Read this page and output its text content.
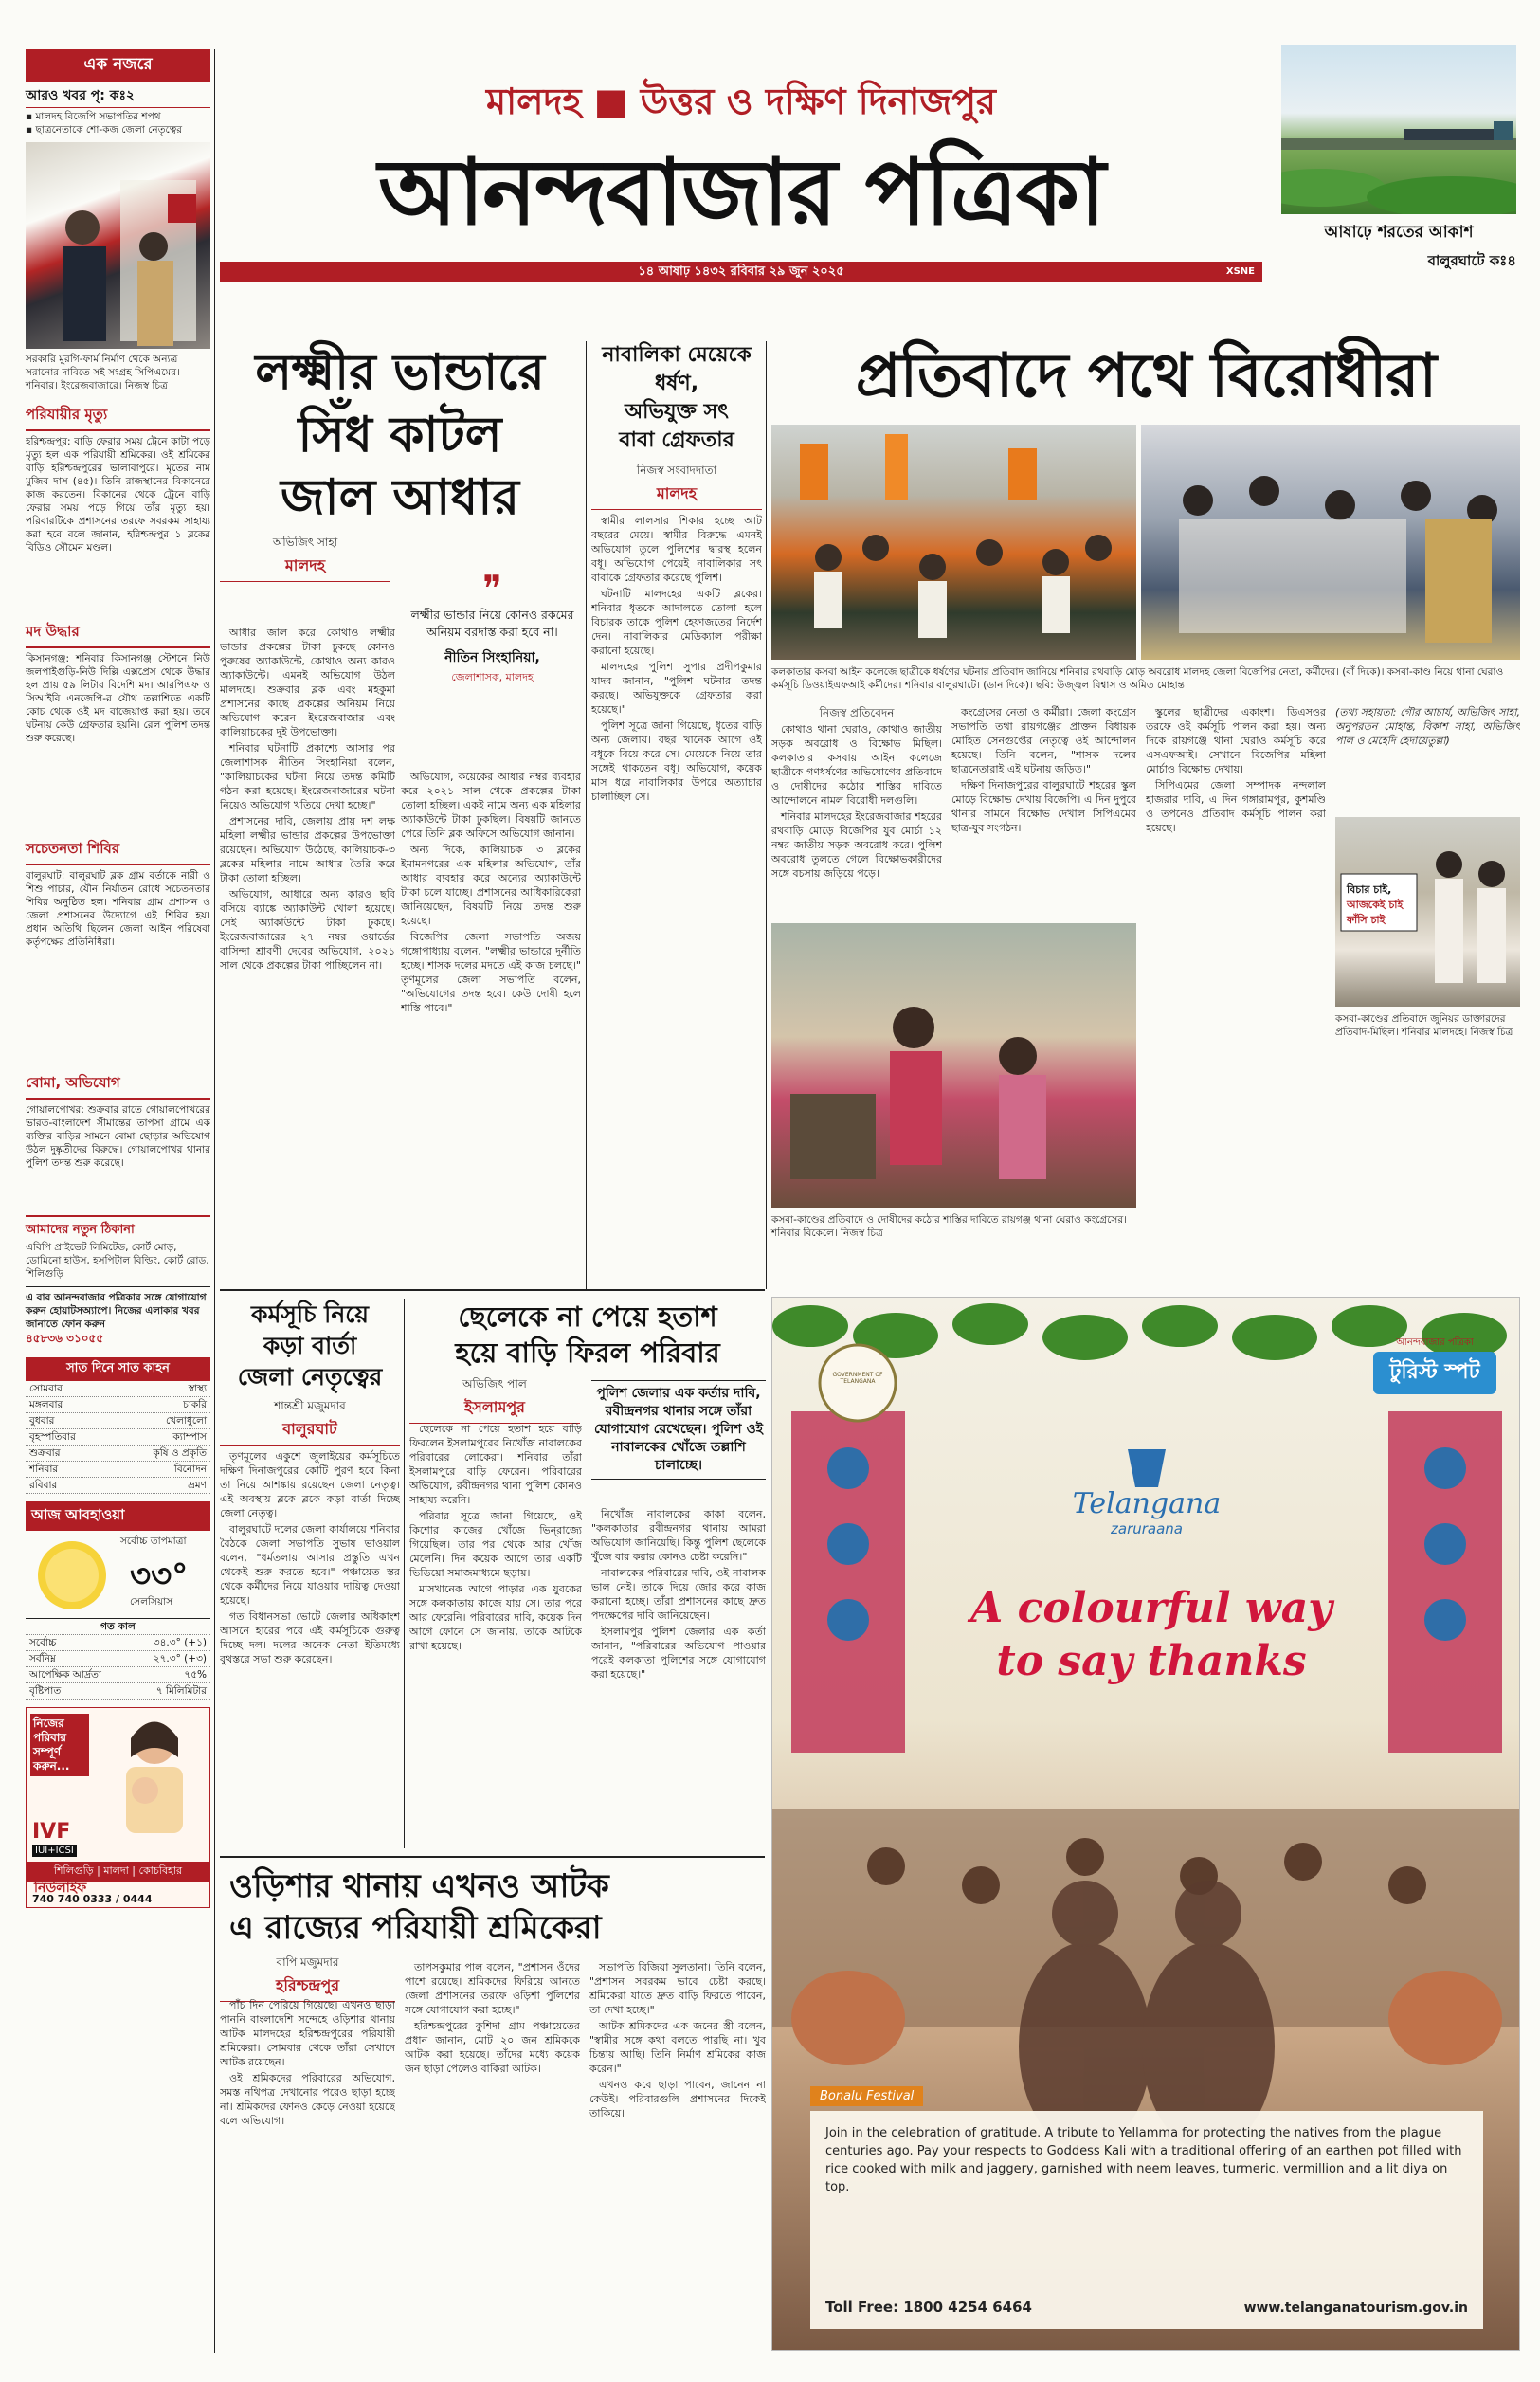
এক নজরে
আরও খবর পৃ: কঃ২
▪ মালদহ বিজেপি সভাপতির শপথ
▪ ছাত্রনেতাকে শো-কজ জেলা নেতৃত্বের
সরকারি মুরগি-ফার্ম নির্মাণ থেকে অন্যত্র সরানোর দাবিতে সই সংগ্রহ সিপিএমের। শনিবার। ইংরেজবাজারে। নিজস্ব চিত্র
পরিযায়ীর মৃত্যু
হরিশ্চন্দ্রপুর: বাড়ি ফেরার সময় ট্রেনে কাটা পড়ে মৃত্যু হল এক পরিযায়ী শ্রমিকের। ওই শ্রমিকের বাড়ি হরিশ্চন্দ্রপুরের ভালাবাপুরে। মৃতের নাম মুজিব দাস (৪৫)। তিনি রাজস্থানের বিকানেরে কাজ করতেন। বিকানের থেকে ট্রেনে বাড়ি ফেরার সময় পড়ে গিয়ে তাঁর মৃত্যু হয়। পরিবারটিকে প্রশাসনের তরফে সবরকম সাহায্য করা হবে বলে জানান, হরিশ্চন্দ্রপুর ১ ব্লকের বিডিও সৌমেন মণ্ডল।
মদ উদ্ধার
কিসানগঞ্জ: শনিবার কিসানগঞ্জ স্টেশনে নিউ জলপাইগুড়ি-নিউ দিল্লি এক্সপ্রেস থেকে উদ্ধার হল প্রায় ৫৯ লিটার বিদেশি মদ। আরপিএফ ও সিআইবি এনজেপি-র যৌথ তল্লাশিতে একটি কোচ থেকে ওই মদ বাজেয়াপ্ত করা হয়। তবে ঘটনায় কেউ গ্রেফতার হয়নি। রেল পুলিশ তদন্ত শুরু করেছে।
সচেতনতা শিবির
বালুরঘাট: বালুরঘাট ব্লক গ্রাম বর্তাকে নারী ও শিশু পাচার, যৌন নির্যাতন রোধে সচেতনতার শিবির অনুষ্ঠিত হল। শনিবার গ্রাম প্রশাসন ও জেলা প্রশাসনের উদ্যোগে এই শিবির হয়। প্রধান অতিথি ছিলেন জেলা আইন পরিষেবা কর্তৃপক্ষের প্রতিনিধিরা।
বোমা, অভিযোগ
গোয়ালপোখর: শুক্রবার রাতে গোয়ালপোখরের ভারত-বাংলাদেশ সীমান্তের তাপসা গ্রামে এক ব্যক্তির বাড়ির সামনে বোমা ছোড়ার অভিযোগ উঠল দুষ্কৃতীদের বিরুদ্ধে। গোয়ালপোখর থানার পুলিশ তদন্ত শুরু করেছে।
আমাদের নতুন ঠিকানা
এবিপি প্রাইভেট লিমিটেড, কোর্ট মোড়, ডোমিনো হাউস, হসপিটাল বিল্ডিং, কোর্ট রোড, শিলিগুড়ি
এ বার আনন্দবাজার পত্রিকার সঙ্গে যোগাযোগ করুন হোয়াটসঅ্যাপে। নিজের এলাকার খবর জানাতে ফোন করুন
৪৫৮৩৬ ৩১০৫৫
সাত দিনে সাত কাহন
সোমবার	স্বাস্থ্য
মঙ্গলবার	চাকরি
বুধবার	খেলাধুলো
বৃহস্পতিবার	ক্যাম্পাস
শুক্রবার	কৃষি ও প্রকৃতি
শনিবার	বিনোদন
রবিবার	ভ্রমণ
আজ আবহাওয়া
সর্বোচ্চ তাপমাত্রা
৩৩°
সেলসিয়াস
গত কাল
সর্বোচ্চ	৩৪.৩° (+১)
সর্বনিম্ন	২৭.৩° (+৩)
আপেক্ষিক আর্দ্রতা	৭৫%
বৃষ্টিপাত	৭ মিলিমিটার
নিজের পরিবার সম্পূর্ণ করুন...
IVF
IUI+ICSI
শিলিগুড়ি | মালদা | কোচবিহার
নিউলাইফ
740 740 0333 / 0444
মালদহ ■ উত্তর ও দক্ষিণ দিনাজপুর
আনন্দবাজার পত্রিকা
১৪ আষাঢ় ১৪৩২ রবিবার ২৯ জুন ২০২৫	XSNE
আষাঢ়ে শরতের আকাশ
বালুরঘাটে কঃ৪
লক্ষ্মীর ভান্ডারে
সিঁধ কাটল
জাল আধার
অভিজিৎ সাহা
মালদহ
❞
লক্ষ্মীর ভান্ডার নিয়ে কোনও রকমের অনিয়ম বরদাস্ত করা হবে না।
নীতিন সিংহানিয়া,
জেলাশাসক, মালদহ

আধার জাল করে কোথাও লক্ষ্মীর ভান্ডার প্রকল্পের টাকা চুকছে কোনও পুরুষের অ্যাকাউন্টে, কোথাও অন্য কারও অ্যাকাউন্টে। এমনই অভিযোগ উঠল মালদহে। শুক্রবার ব্লক এবং মহকুমা প্রশাসনের কাছে প্রকল্পের অনিয়ম নিয়ে অভিযোগ করেন ইংরেজবাজার এবং কালিয়াচকের দুই উপভোক্তা।

শনিবার ঘটনাটি প্রকাশ্যে আসার পর জেলাশাসক নীতিন সিংহানিয়া বলেন, "কালিয়াচকের ঘটনা নিয়ে তদন্ত কমিটি গঠন করা হয়েছে। ইংরেজবাজারের ঘটনা নিয়েও অভিযোগ খতিয়ে দেখা হচ্ছে।"

প্রশাসনের দাবি, জেলায় প্রায় দশ লক্ষ মহিলা লক্ষ্মীর ভান্ডার প্রকল্পের উপভোক্তা রয়েছেন। অভিযোগ উঠেছে, কালিয়াচক-৩ ব্লকের মহিলার নামে আধার তৈরি করে টাকা তোলা হচ্ছিল।

অভিযোগ, আধারে অন্য কারও ছবি বসিয়ে ব্যাঙ্কে অ্যাকাউন্ট খোলা হয়েছে। সেই অ্যাকাউন্টে টাকা ঢুকছে। ইংরেজবাজারের ২৭ নম্বর ওয়ার্ডের বাসিন্দা শ্রাবণী দেবের অভিযোগ, ২০২১ সাল থেকে প্রকল্পের টাকা পাচ্ছিলেন না।

অভিযোগ, কয়েকের আধার নম্বর ব্যবহার করে ২০২১ সাল থেকে প্রকল্পের টাকা তোলা হচ্ছিল। একই নামে অন্য এক মহিলার অ্যাকাউন্টে টাকা ঢুকছিল। বিষয়টি জানতে পেরে তিনি ব্লক অফিসে অভিযোগ জানান।

অন্য দিকে, কালিয়াচক ৩ ব্লকের ইমামনগরের এক মহিলার অভিযোগ, তাঁর আধার ব্যবহার করে অন্যের অ্যাকাউন্টে টাকা চলে যাচ্ছে। প্রশাসনের আধিকারিকেরা জানিয়েছেন, বিষয়টি নিয়ে তদন্ত শুরু হয়েছে।

বিজেপির জেলা সভাপতি অজয় গঙ্গোপাধ্যায় বলেন, "লক্ষ্মীর ভান্ডারে দুর্নীতি হচ্ছে। শাসক দলের মদতে এই কাজ চলছে।" তৃণমূলের জেলা সভাপতি বলেন, "অভিযোগের তদন্ত হবে। কেউ দোষী হলে শাস্তি পাবে।"

নাবালিকা মেয়েকে ধর্ষণ,
অভিযুক্ত সৎ
বাবা গ্রেফতার
নিজস্ব সংবাদদাতা
মালদহ

স্বামীর লালসার শিকার হচ্ছে আট বছরের মেয়ে। স্বামীর বিরুদ্ধে এমনই অভিযোগ তুলে পুলিশের দ্বারস্থ হলেন বধূ। অভিযোগ পেয়েই নাবালিকার সৎ বাবাকে গ্রেফতার করেছে পুলিশ।

ঘটনাটি মালদহের একটি ব্লকের। শনিবার ধৃতকে আদালতে তোলা হলে বিচারক তাকে পুলিশ হেফাজতের নির্দেশ দেন। নাবালিকার মেডিক্যাল পরীক্ষা করানো হয়েছে।

মালদহের পুলিশ সুপার প্রদীপকুমার যাদব জানান, "পুলিশ ঘটনার তদন্ত করছে। অভিযুক্তকে গ্রেফতার করা হয়েছে।"

পুলিশ সূত্রে জানা গিয়েছে, ধৃতের বাড়ি অন্য জেলায়। বছর খানেক আগে ওই বধূকে বিয়ে করে সে। মেয়েকে নিয়ে তার সঙ্গেই থাকতেন বধূ। অভিযোগ, কয়েক মাস ধরে নাবালিকার উপরে অত্যাচার চালাচ্ছিল সে।

প্রতিবাদে পথে বিরোধীরা
কলকাতার কসবা আইন কলেজে ছাত্রীকে ধর্ষণের ঘটনার প্রতিবাদ জানিয়ে শনিবার রথবাড়ি মোড় অবরোধ মালদহ জেলা বিজেপির নেতা, কর্মীদের। (বাঁ দিকে)। কসবা-কাণ্ড নিয়ে থানা ঘেরাও কর্মসূচি ডিওয়াইএফআই কর্মীদের। শনিবার বালুরঘাটে। (ডান দিকে)। ছবি: উজ্জ্বল বিশ্বাস ও অমিত মোহান্ত
নিজস্ব প্রতিবেদন

কোথাও থানা ঘেরাও, কোথাও জাতীয় সড়ক অবরোধ ও বিক্ষোভ মিছিল। কলকাতার কসবায় আইন কলেজে ছাত্রীকে গণধর্ষণের অভিযোগের প্রতিবাদে ও দোষীদের কঠোর শাস্তির দাবিতে আন্দোলনে নামল বিরোধী দলগুলি।

শনিবার মালদহের ইংরেজবাজার শহরের রথবাড়ি মোড়ে বিজেপির যুব মোর্চা ১২ নম্বর জাতীয় সড়ক অবরোধ করে। পুলিশ অবরোধ তুলতে গেলে বিক্ষোভকারীদের সঙ্গে বচসায় জড়িয়ে পড়ে।

কংগ্রেসের নেতা ও কর্মীরা। জেলা কংগ্রেস সভাপতি তথা রায়গঞ্জের প্রাক্তন বিধায়ক মোহিত সেনগুপ্তের নেতৃত্বে ওই আন্দোলন হয়েছে। তিনি বলেন, "শাসক দলের ছাত্রনেতারাই এই ঘটনায় জড়িত।"

দক্ষিণ দিনাজপুরের বালুরঘাটে শহরের স্কুল মোড়ে বিক্ষোভ দেখায় বিজেপি। এ দিন দুপুরে থানার সামনে বিক্ষোভ দেখাল সিপিএমের ছাত্র-যুব সংগঠন।

স্কুলের ছাত্রীদের একাংশ। ডিএসওর তরফে ওই কর্মসূচি পালন করা হয়। অন্য দিকে রায়গঞ্জে থানা ঘেরাও কর্মসূচি করে এসএফআই। সেখানে বিজেপির মহিলা মোর্চাও বিক্ষোভ দেখায়।

সিপিএমের জেলা সম্পাদক নন্দলাল হাজরার দাবি, এ দিন গঙ্গারামপুর, কুশমণ্ডি ও তপনেও প্রতিবাদ কর্মসূচি পালন করা হয়েছে।

(তথ্য সহায়তা: গৌর আচার্য, অভিজিৎ সাহা, অনুপরতন মোহান্ত, বিকাশ সাহা, অভিজিৎ পাল ও মেহেদি হেদায়েতুল্লা)
কসবা-কাণ্ডের প্রতিবাদে ও দোষীদের কঠোর শাস্তির দাবিতে রায়গঞ্জ থানা ঘেরাও কংগ্রেসের। শনিবার বিকেলে। নিজস্ব চিত্র
বিচার চাই,
আজকেই চাই
ফাঁসি চাই
কসবা-কাণ্ডের প্রতিবাদে জুনিয়র ডাক্তারদের প্রতিবাদ-মিছিল। শনিবার মালদহে। নিজস্ব চিত্র
কর্মসূচি নিয়ে
কড়া বার্তা
জেলা নেতৃত্বের
শান্তশ্রী মজুমদার
বালুরঘাট

তৃণমূলের একুশে জুলাইয়ের কর্মসূচিতে দক্ষিণ দিনাজপুরের কোটি পুরণ হবে কিনা তা নিয়ে আশঙ্কায় রয়েছেন জেলা নেতৃত্ব। এই অবস্থায় ব্লকে ব্লকে কড়া বার্তা দিচ্ছে জেলা নেতৃত্ব।

বালুরঘাটে দলের জেলা কার্যালয়ে শনিবার বৈঠকে জেলা সভাপতি সুভাষ ভাওয়াল বলেন, "ধর্মতলায় আসার প্রস্তুতি এখন থেকেই শুরু করতে হবে।" পঞ্চায়েত স্তর থেকে কর্মীদের নিয়ে যাওয়ার দায়িত্ব দেওয়া হয়েছে।

গত বিধানসভা ভোটে জেলার অধিকাংশ আসনে হারের পরে এই কর্মসূচিকে গুরুত্ব দিচ্ছে দল। দলের অনেক নেতা ইতিমধ্যে বুথস্তরে সভা শুরু করেছেন।

ছেলেকে না পেয়ে হতাশ
হয়ে বাড়ি ফিরল পরিবার
অভিজিৎ পাল
ইসলামপুর
পুলিশ জেলার এক কর্তার দাবি, রবীন্দ্রনগর থানার সঙ্গে তাঁরা যোগাযোগ রেখেছেন। পুলিশ ওই নাবালকের খোঁজে তল্লাশি চালাচ্ছে।

ছেলেকে না পেয়ে হতাশ হয়ে বাড়ি ফিরলেন ইসলামপুরের নিখোঁজ নাবালকের পরিবারের লোকেরা। শনিবার তাঁরা ইসলামপুরে বাড়ি ফেরেন। পরিবারের অভিযোগ, রবীন্দ্রনগর থানা পুলিশ কোনও সাহায্য করেনি।

পরিবার সূত্রে জানা গিয়েছে, ওই কিশোর কাজের খোঁজে ভিন্‌রাজ্যে গিয়েছিল। তার পর থেকে আর খোঁজ মেলেনি। দিন কয়েক আগে তার একটি ভিডিয়ো সমাজমাধ্যমে ছড়ায়।

মাসখানেক আগে পাড়ার এক যুবকের সঙ্গে কলকাতায় কাজে যায় সে। তার পরে আর ফেরেনি। পরিবারের দাবি, কয়েক দিন আগে ফোনে সে জানায়, তাকে আটকে রাখা হয়েছে।

নিখোঁজ নাবালকের কাকা বলেন, "কলকাতার রবীন্দ্রনগর থানায় আমরা অভিযোগ জানিয়েছি। কিন্তু পুলিশ ছেলেকে খুঁজে বার করার কোনও চেষ্টা করেনি।"

নাবালকের পরিবারের দাবি, ওই নাবালক ভাল নেই। তাকে দিয়ে জোর করে কাজ করানো হচ্ছে। তাঁরা প্রশাসনের কাছে দ্রুত পদক্ষেপের দাবি জানিয়েছেন।

ইসলামপুর পুলিশ জেলার এক কর্তা জানান, "পরিবারের অভিযোগ পাওয়ার পরেই কলকাতা পুলিশের সঙ্গে যোগাযোগ করা হয়েছে।"

ওড়িশার থানায় এখনও আটক
এ রাজ্যের পরিযায়ী শ্রমিকেরা
বাপি মজুমদার
হরিশ্চন্দ্রপুর

পাঁচ দিন পেরিয়ে গিয়েছে। এখনও ছাড়া পাননি বাংলাদেশি সন্দেহে ওড়িশার থানায় আটক মালদহের হরিশ্চন্দ্রপুরের পরিযায়ী শ্রমিকেরা। সোমবার থেকে তাঁরা সেখানে আটক রয়েছেন।

ওই শ্রমিকদের পরিবারের অভিযোগ, সমস্ত নথিপত্র দেখানোর পরেও ছাড়া হচ্ছে না। শ্রমিকদের ফোনও কেড়ে নেওয়া হয়েছে বলে অভিযোগ।

তাপসকুমার পাল বলেন, "প্রশাসন ওঁদের পাশে রয়েছে। শ্রমিকদের ফিরিয়ে আনতে জেলা প্রশাসনের তরফে ওড়িশা পুলিশের সঙ্গে যোগাযোগ করা হচ্ছে।"

হরিশ্চন্দ্রপুরের কুশিদা গ্রাম পঞ্চায়েতের প্রধান জানান, মোট ২০ জন শ্রমিককে আটক করা হয়েছে। তাঁদের মধ্যে কয়েক জন ছাড়া পেলেও বাকিরা আটক।

সভাপতি রিজিয়া সুলতানা। তিনি বলেন, "প্রশাসন সবরকম ভাবে চেষ্টা করছে। শ্রমিকেরা যাতে দ্রুত বাড়ি ফিরতে পারেন, তা দেখা হচ্ছে।"

আটক শ্রমিকদের এক জনের স্ত্রী বলেন, "স্বামীর সঙ্গে কথা বলতে পারছি না। খুব চিন্তায় আছি। তিনি নির্মাণ শ্রমিকের কাজ করেন।"

এখনও কবে ছাড়া পাবেন, জানেন না কেউই। পরিবারগুলি প্রশাসনের দিকেই তাকিয়ে।

GOVERNMENT OF TELANGANA
আনন্দবাজার পত্রিকা
টুরিস্ট স্পট
Telangana
zaruraana
A colourful way
to say thanks
Bonalu Festival
Join in the celebration of gratitude. A tribute to Yellamma for protecting the natives from the plague centuries ago. Pay your respects to Goddess Kali with a traditional offering of an earthen pot filled with rice cooked with milk and jaggery, garnished with neem leaves, turmeric, vermillion and a lit diya on top.
Toll Free: 1800 4254 6464	www.telanganatourism.gov.in
